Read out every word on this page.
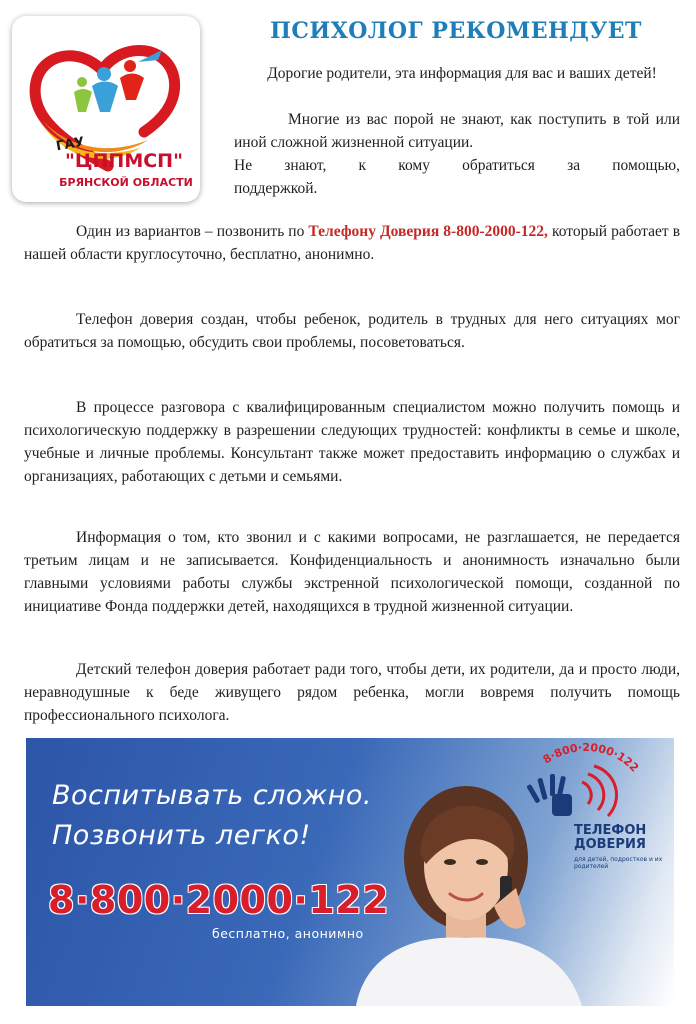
ГАУ
"ЦППМСП"
БРЯНСКОЙ ОБЛАСТИ
ПСИХОЛОГ РЕКОМЕНДУЕТ
Дорогие родители, эта информация для вас и ваших детей!
Многие из вас порой не знают, как поступить в той или иной сложной жизненной ситуации.
Не знают, к кому обратиться за помощью,
поддержкой.
Один из вариантов – позвонить по Телефону Доверия 8-800-2000-122, который работает в нашей области круглосуточно, бесплатно, анонимно.
Телефон доверия создан, чтобы ребенок, родитель в трудных для него ситуациях мог обратиться за помощью, обсудить свои проблемы, посоветоваться.
В процессе разговора с квалифицированным специалистом можно получить помощь и психологическую поддержку в разрешении следующих трудностей: конфликты в семье и школе, учебные и личные проблемы. Консультант также может предоставить информацию о службах и организациях, работающих с детьми и семьями.
Информация о том, кто звонил и с какими вопросами, не разглашается, не передается третьим лицам и не записывается. Конфиденциальность и анонимность изначально были главными условиями работы службы экстренной психологической помощи, созданной по инициативе Фонда поддержки детей, находящихся в трудной жизненной ситуации.
Детский телефон доверия работает ради того, чтобы дети, их родители, да и просто люди, неравнодушные к беде живущего рядом ребенка, могли вовремя получить помощь профессионального психолога.
Воспитывать сложно.
Позвонить легко!
8·800·2000·122
бесплатно, анонимно
8·800·2000·122
ТЕЛЕФОН
ДОВЕРИЯ
для детей, подростков и их родителей
